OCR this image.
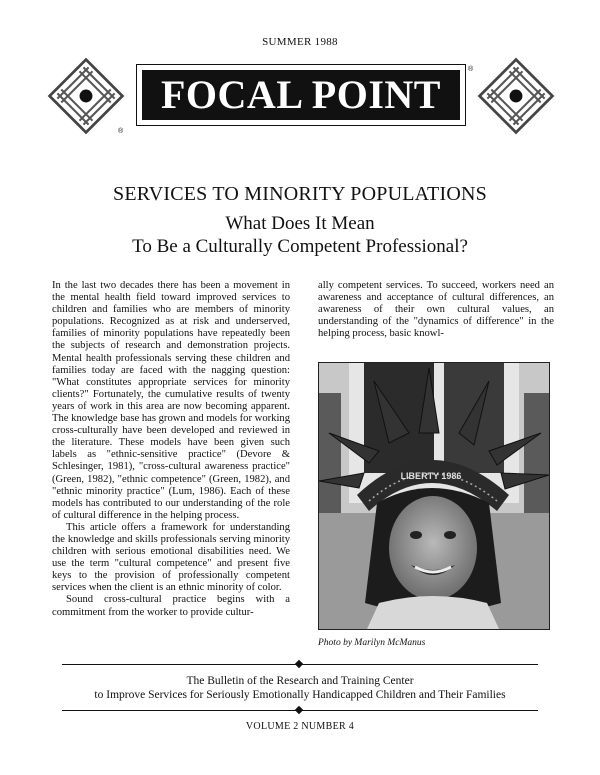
SUMMER 1988
®
FOCAL POINT
®
SERVICES TO MINORITY POPULATIONS
What Does It Mean
To Be a Culturally Competent Professional?

In the last two decades there has been a movement in the mental health field toward improved services to children and families who are members of minority populations. Recognized as at risk and underserved, families of minority populations have repeatedly been the subjects of research and demonstration projects. Mental health professionals serving these children and families today are faced with the nagging question: "What constitutes appropriate services for minority clients?" Fortunately, the cumulative results of twenty years of work in this area are now becoming apparent. The knowledge base has grown and models for working cross-culturally have been developed and reviewed in the literature. These models have been given such labels as "ethnic-sensitive practice" (Devore & Schlesinger, 1981), "cross-cultural awareness practice" (Green, 1982), "ethnic competence" (Green, 1982), and "ethnic minority practice" (Lum, 1986). Each of these models has contributed to our understanding of the role of cultural difference in the helping process.

This article offers a framework for understanding the knowledge and skills professionals serving minority children with serious emotional disabilities need. We use the term "cultural competence" and present five keys to the provision of professionally competent services when the client is an ethnic minority of color.

Sound cross-cultural practice begins with a commitment from the worker to provide cultur-

ally competent services. To succeed, workers need an awareness and acceptance of cultural differences, an awareness of their own cultural values, an understanding of the "dynamics of difference" in the helping process, basic knowl-

LIBERTY 1986
Photo by Marilyn McManus
The Bulletin of the Research and Training Center
to Improve Services for Seriously Emotionally Handicapped Children and Their Families
VOLUME 2 NUMBER 4
